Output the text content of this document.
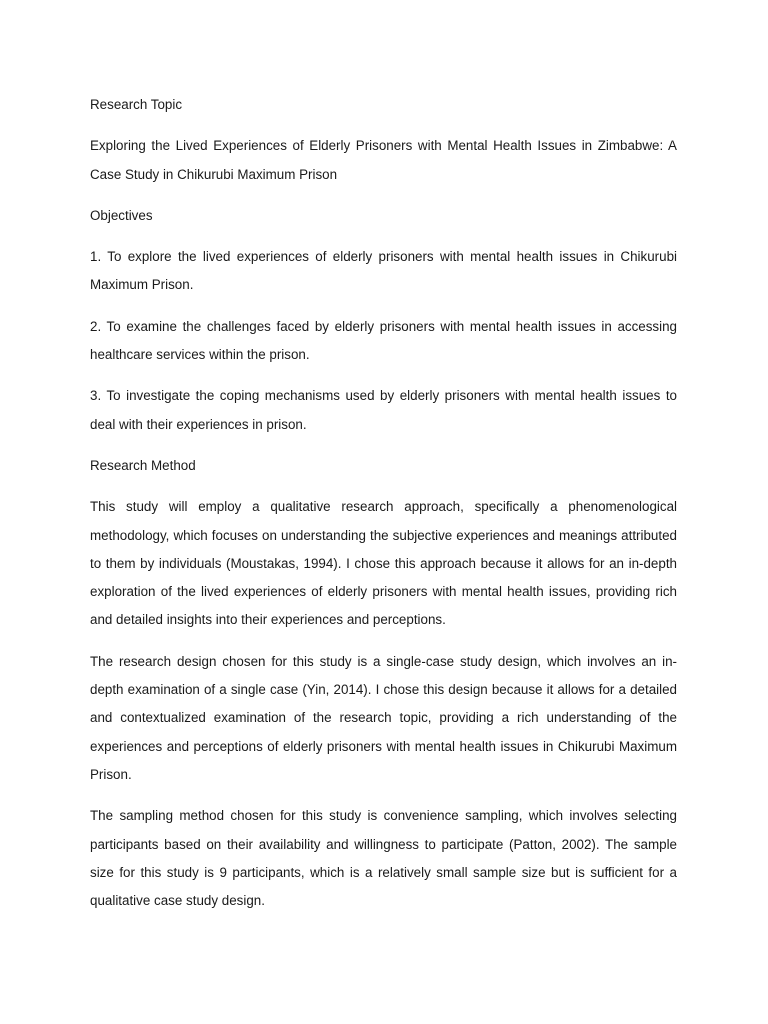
Research Topic

Exploring the Lived Experiences of Elderly Prisoners with Mental Health Issues in Zimbabwe: A Case Study in Chikurubi Maximum Prison

Objectives

1. To explore the lived experiences of elderly prisoners with mental health issues in Chikurubi Maximum Prison.

2. To examine the challenges faced by elderly prisoners with mental health issues in accessing healthcare services within the prison.

3. To investigate the coping mechanisms used by elderly prisoners with mental health issues to deal with their experiences in prison.

Research Method

This study will employ a qualitative research approach, specifically a phenomenological methodology, which focuses on understanding the subjective experiences and meanings attributed to them by individuals (Moustakas, 1994). I chose this approach because it allows for an in-depth exploration of the lived experiences of elderly prisoners with mental health issues, providing rich and detailed insights into their experiences and perceptions.

The research design chosen for this study is a single-case study design, which involves an in-depth examination of a single case (Yin, 2014). I chose this design because it allows for a detailed and contextualized examination of the research topic, providing a rich understanding of the experiences and perceptions of elderly prisoners with mental health issues in Chikurubi Maximum Prison.

The sampling method chosen for this study is convenience sampling, which involves selecting participants based on their availability and willingness to participate (Patton, 2002). The sample size for this study is 9 participants, which is a relatively small sample size but is sufficient for a qualitative case study design.
